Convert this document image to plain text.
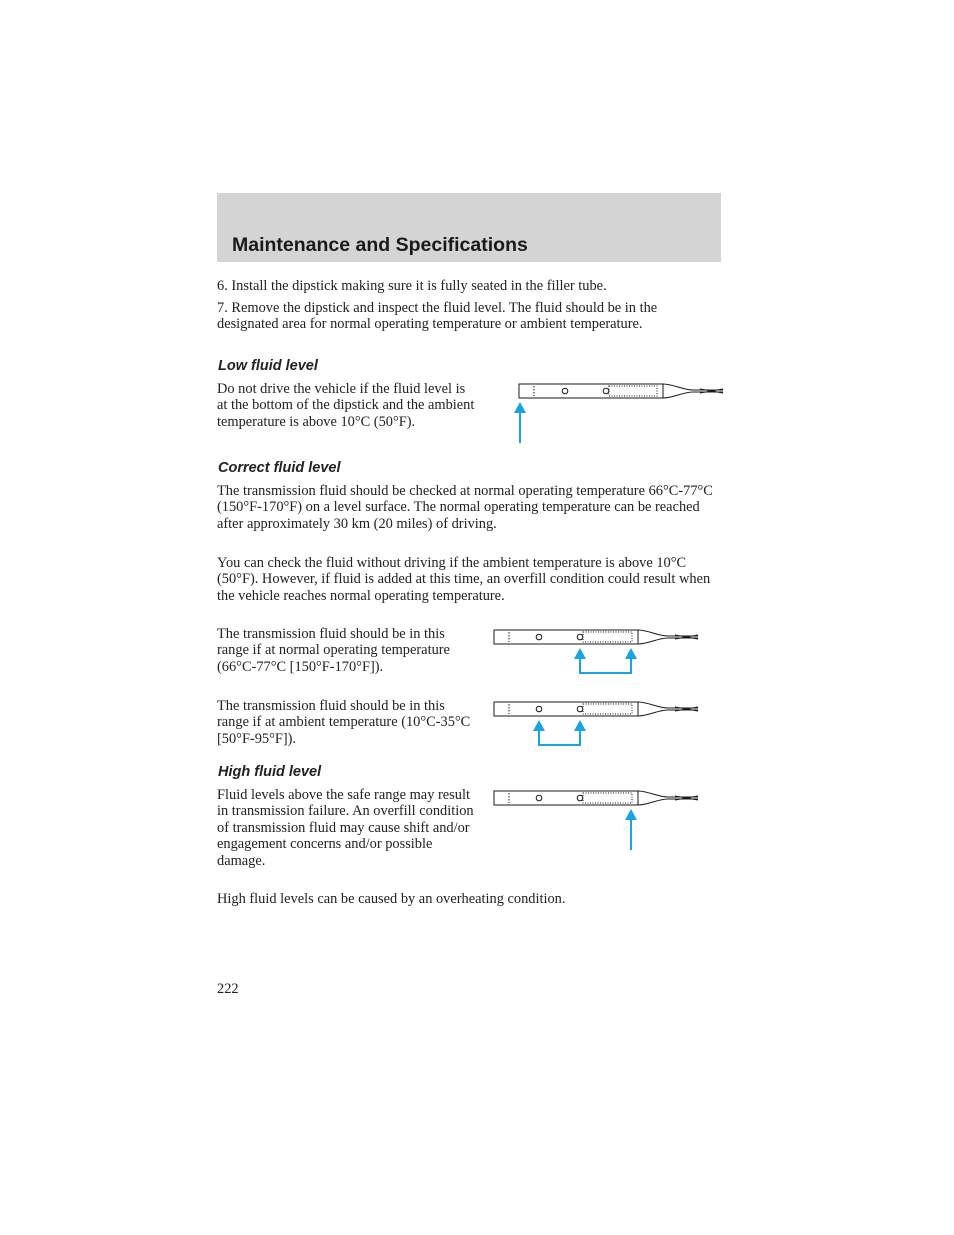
Maintenance and Specifications

6. Install the dipstick making sure it is fully seated in the filler tube.

7. Remove the dipstick and inspect the fluid level. The fluid should be in the designated area for normal operating temperature or ambient temperature.

Low fluid level

Do not drive the vehicle if the fluid level is at the bottom of the dipstick and the ambient temperature is above 10°C (50°F).

Correct fluid level

The transmission fluid should be checked at normal operating temperature 66°C-77°C (150°F-170°F) on a level surface. The normal operating temperature can be reached after approximately 30 km (20 miles) of driving.

You can check the fluid without driving if the ambient temperature is above 10°C (50°F). However, if fluid is added at this time, an overfill condition could result when the vehicle reaches normal operating temperature.

The transmission fluid should be in this range if at normal operating temperature (66°C-77°C [150°F-170°F]).

The transmission fluid should be in this range if at ambient temperature (10°C-35°C [50°F-95°F]).

High fluid level

Fluid levels above the safe range may result in transmission failure. An overfill condition of transmission fluid may cause shift and/or engagement concerns and/or possible damage.

High fluid levels can be caused by an overheating condition.

222
